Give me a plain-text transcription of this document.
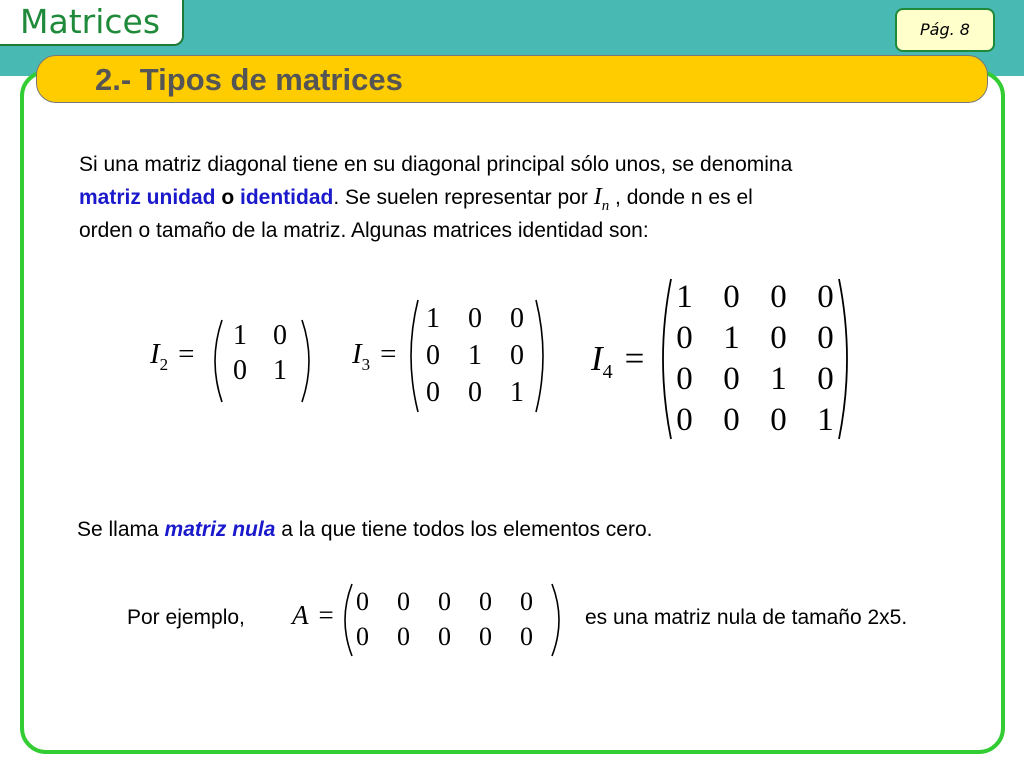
Matrices	Pág. 8
2.- Tipos de matrices
Si una matriz diagonal tiene en su diagonal principal sólo unos, se denomina
matriz unidad o identidad. Se suelen representar por $I_n$ , donde n es el
orden o tamaño de la matriz. Algunas matrices identidad son:
$I_2$ =
1 0
0 1
$I_3$ =
1	0	0
0	1	0
0	0	1
$I_4$ =
1 0 0 0
0 1 0 0
0 0 1 0
0 0 0 1
Se llama matriz nula a la que tiene todos los elementos cero.
Por ejemplo, A = 0	0	0	0	0
0	0	0	0	0
es una matriz nula de tamaño 2x5.
